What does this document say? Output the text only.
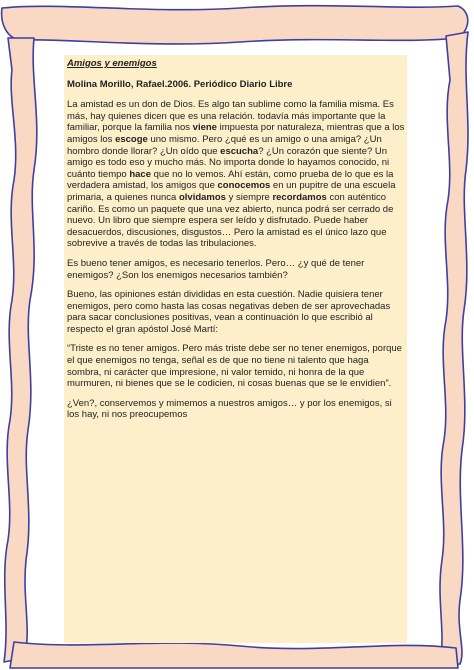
Amigos y enemigos

Molina Morillo, Rafael.2006. Periódico Diario Libre

La amistad es un don de Dios. Es algo tan sublime como la familia misma. Es más, hay quienes dicen que es una relación. todavía más importante que la familiar, porque la familia nos viene impuesta por naturaleza, mientras que a los amigos los escoge uno mismo. Pero ¿qué es un amigo o una amiga? ¿Un hombro donde llorar? ¿Un oído que escucha? ¿Un corazón que siente? Un amigo es todo eso y mucho más. No importa donde lo hayamos conocido, ni cuánto tiempo hace que no lo vemos. Ahí están, como prueba de lo que es la verdadera amistad, los amigos que conocemos en un pupitre de una escuela primaria, a quienes nunca olvidamos y siempre recordamos con auténtico cariño. Es como un paquete que una vez abierto, nunca podrá ser cerrado de nuevo. Un libro que siempre espera ser leído y disfrutado. Puede haber desacuerdos, discusiones, disgustos… Pero la amistad es el único lazo que sobrevive a través de todas las tribulaciones.

Es bueno tener amigos, es necesario tenerlos. Pero… ¿y qué de tener enemigos? ¿Son los enemigos necesarios también?

Bueno, las opiniones están divididas en esta cuestión. Nadie quisiera tener enemigos, pero como hasta las cosas negativas deben de ser aprovechadas para sacar conclusiones positivas, vean a continuación lo que escribió al respecto el gran apóstol José Martí:

“Triste es no tener amigos. Pero más triste debe ser no tener enemigos, porque el que enemigos no tenga, señal es de que no tiene ni talento que haga sombra, ni carácter que impresione, ni valor temido, ni honra de la que murmuren, ni bienes que se le codicien, ni cosas buenas que se le envidien”.

¿Ven?, conservemos y mimemos a nuestros amigos… y por los enemigos, si los hay, ni nos preocupemos
